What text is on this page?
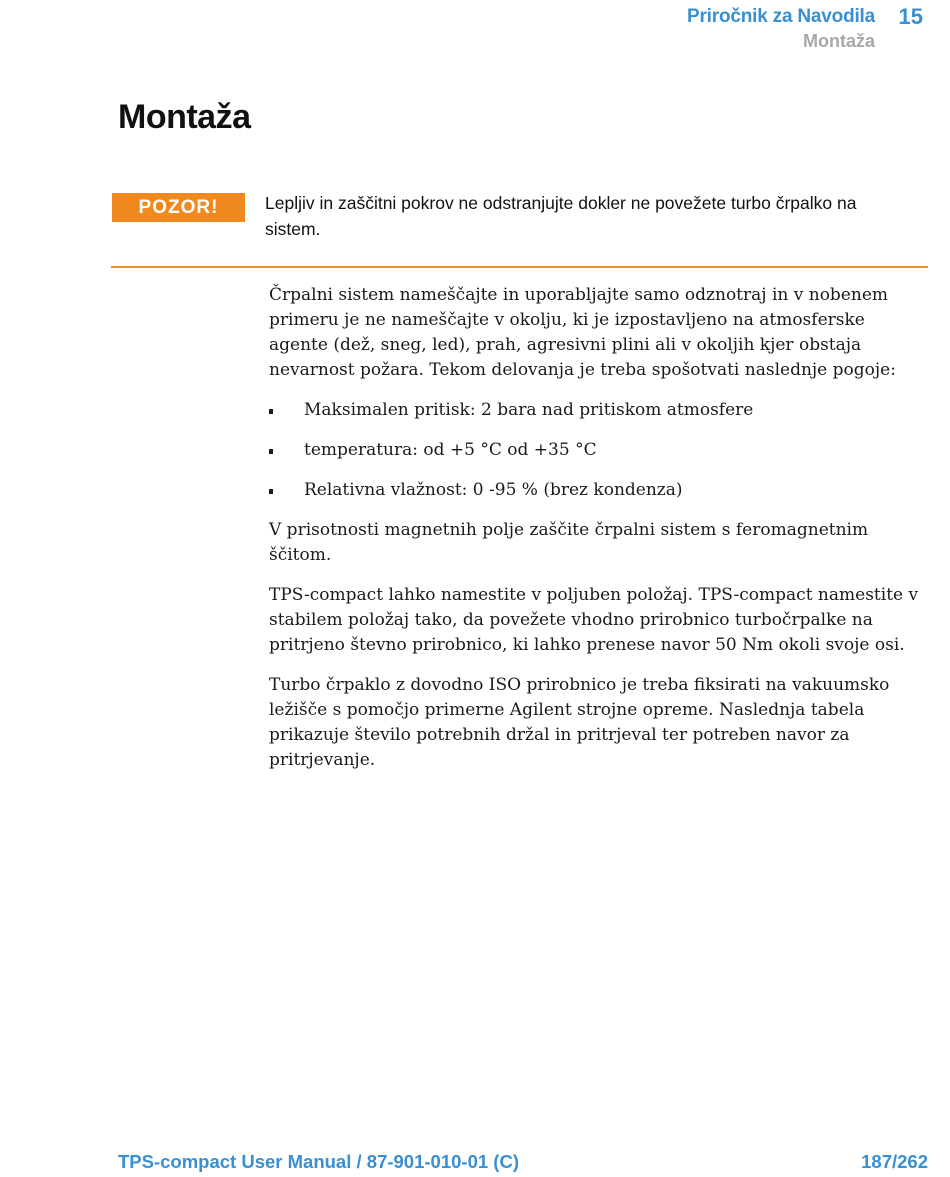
Priročnik za Navodila 15
Montaža
Montaža
POZOR!	Lepljiv in zaščitni pokrov ne odstranjujte dokler ne povežete turbo črpalko na sistem.

Črpalni sistem nameščajte in uporabljajte samo odznotraj in v nobenem primeru je ne nameščajte v okolju, ki je izpostavljeno na atmosferske agente (dež, sneg, led), prah, agresivni plini ali v okoljih kjer obstaja nevarnost požara. Tekom delovanja je treba spošotvati naslednje pogoje:

Maksimalen pritisk: 2 bara nad pritiskom atmosfere
temperatura: od +5 °C od +35 °C
Relativna vlažnost: 0 -95 % (brez kondenza)

V prisotnosti magnetnih polje zaščite črpalni sistem s feromagnetnim ščitom.

TPS-compact lahko namestite v poljuben položaj. TPS-compact namestite v stabilem položaj tako, da povežete vhodno prirobnico turbočrpalke na pritrjeno števno prirobnico, ki lahko prenese navor 50 Nm okoli svoje osi.

Turbo črpaklo z dovodno ISO prirobnico je treba fiksirati na vakuumsko ležišče s pomočjo primerne Agilent strojne opreme. Naslednja tabela prikazuje število potrebnih držal in pritrjeval ter potreben navor za pritrjevanje.

TPS-compact User Manual / 87-901-010-01 (C)	187/262
